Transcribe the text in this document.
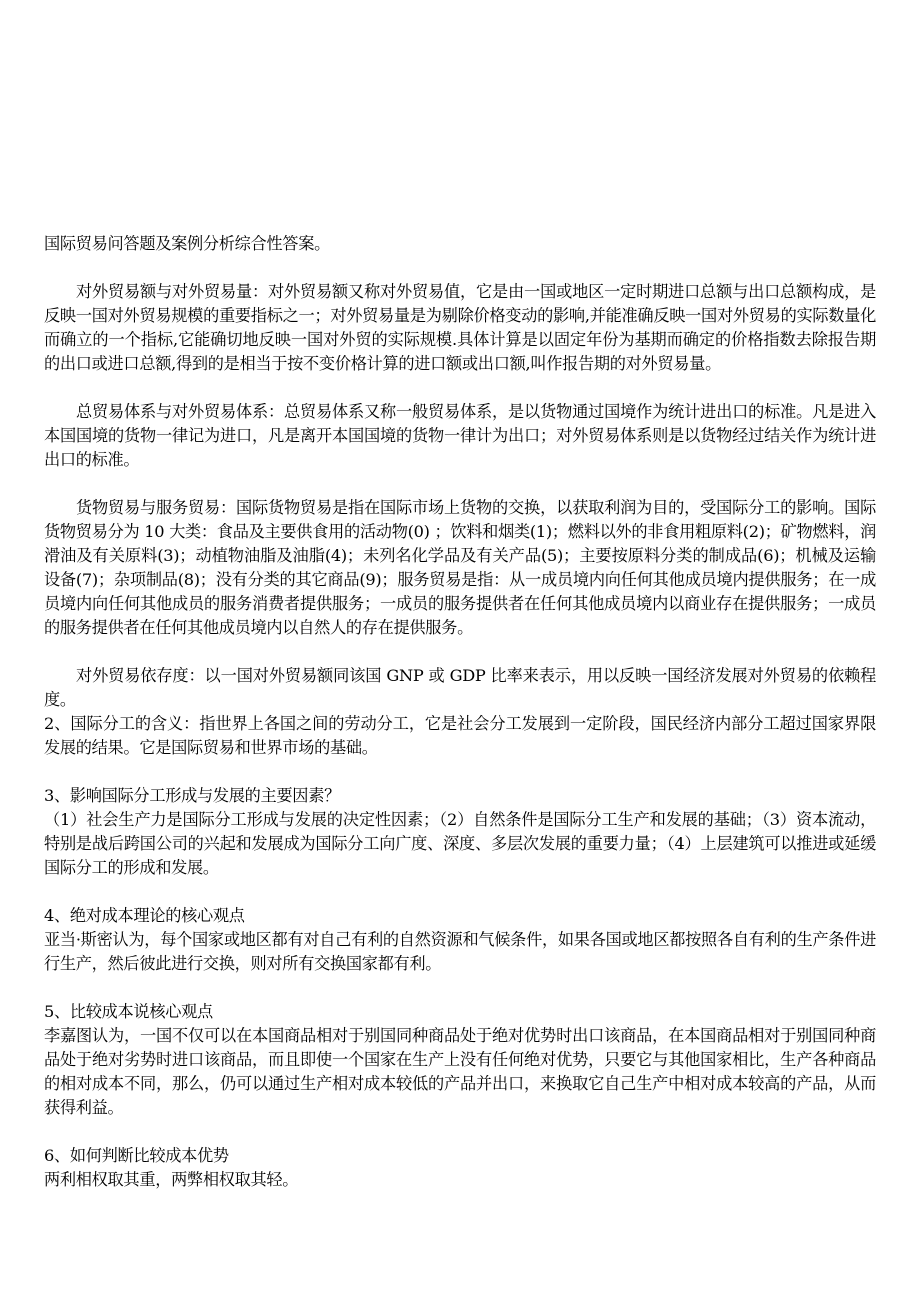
国际贸易问答题及案例分析综合性答案。

对外贸易额与对外贸易量：对外贸易额又称对外贸易值，它是由一国或地区一定时期进口总额与出口总额构成，是反映一国对外贸易规模的重要指标之一；对外贸易量是为剔除价格变动的影响,并能准确反映一国对外贸易的实际数量化而确立的一个指标,它能确切地反映一国对外贸的实际规模.具体计算是以固定年份为基期而确定的价格指数去除报告期的出口或进口总额,得到的是相当于按不变价格计算的进口额或出口额,叫作报告期的对外贸易量。

总贸易体系与对外贸易体系：总贸易体系又称一般贸易体系，是以货物通过国境作为统计进出口的标准。凡是进入本国国境的货物一律记为进口，凡是离开本国国境的货物一律计为出口；对外贸易体系则是以货物经过结关作为统计进出口的标准。

货物贸易与服务贸易：国际货物贸易是指在国际市场上货物的交换，以获取利润为目的，受国际分工的影响。国际货物贸易分为 10 大类：食品及主要供食用的活动物(0) ；饮料和烟类(1)；燃料以外的非食用粗原料(2)；矿物燃料，润滑油及有关原料(3)；动植物油脂及油脂(4)；未列名化学品及有关产品(5)；主要按原料分类的制成品(6)；机械及运输设备(7)；杂项制品(8)；没有分类的其它商品(9)；服务贸易是指：从一成员境内向任何其他成员境内提供服务；在一成员境内向任何其他成员的服务消费者提供服务；一成员的服务提供者在任何其他成员境内以商业存在提供服务；一成员的服务提供者在任何其他成员境内以自然人的存在提供服务。

对外贸易依存度：以一国对外贸易额同该国 GNP 或 GDP 比率来表示，用以反映一国经济发展对外贸易的依赖程度。

2、国际分工的含义：指世界上各国之间的劳动分工，它是社会分工发展到一定阶段，国民经济内部分工超过国家界限发展的结果。它是国际贸易和世界市场的基础。

3、影响国际分工形成与发展的主要因素？

（1）社会生产力是国际分工形成与发展的决定性因素；（2）自然条件是国际分工生产和发展的基础；（3）资本流动，特别是战后跨国公司的兴起和发展成为国际分工向广度、深度、多层次发展的重要力量；（4）上层建筑可以推进或延缓国际分工的形成和发展。

4、绝对成本理论的核心观点

亚当·斯密认为，每个国家或地区都有对自己有利的自然资源和气候条件，如果各国或地区都按照各自有利的生产条件进行生产，然后彼此进行交换，则对所有交换国家都有利。

5、比较成本说核心观点

李嘉图认为，一国不仅可以在本国商品相对于别国同种商品处于绝对优势时出口该商品，在本国商品相对于别国同种商品处于绝对劣势时进口该商品，而且即使一个国家在生产上没有任何绝对优势，只要它与其他国家相比，生产各种商品的相对成本不同，那么，仍可以通过生产相对成本较低的产品并出口，来换取它自己生产中相对成本较高的产品，从而获得利益。

6、如何判断比较成本优势

两利相权取其重，两弊相权取其轻。
